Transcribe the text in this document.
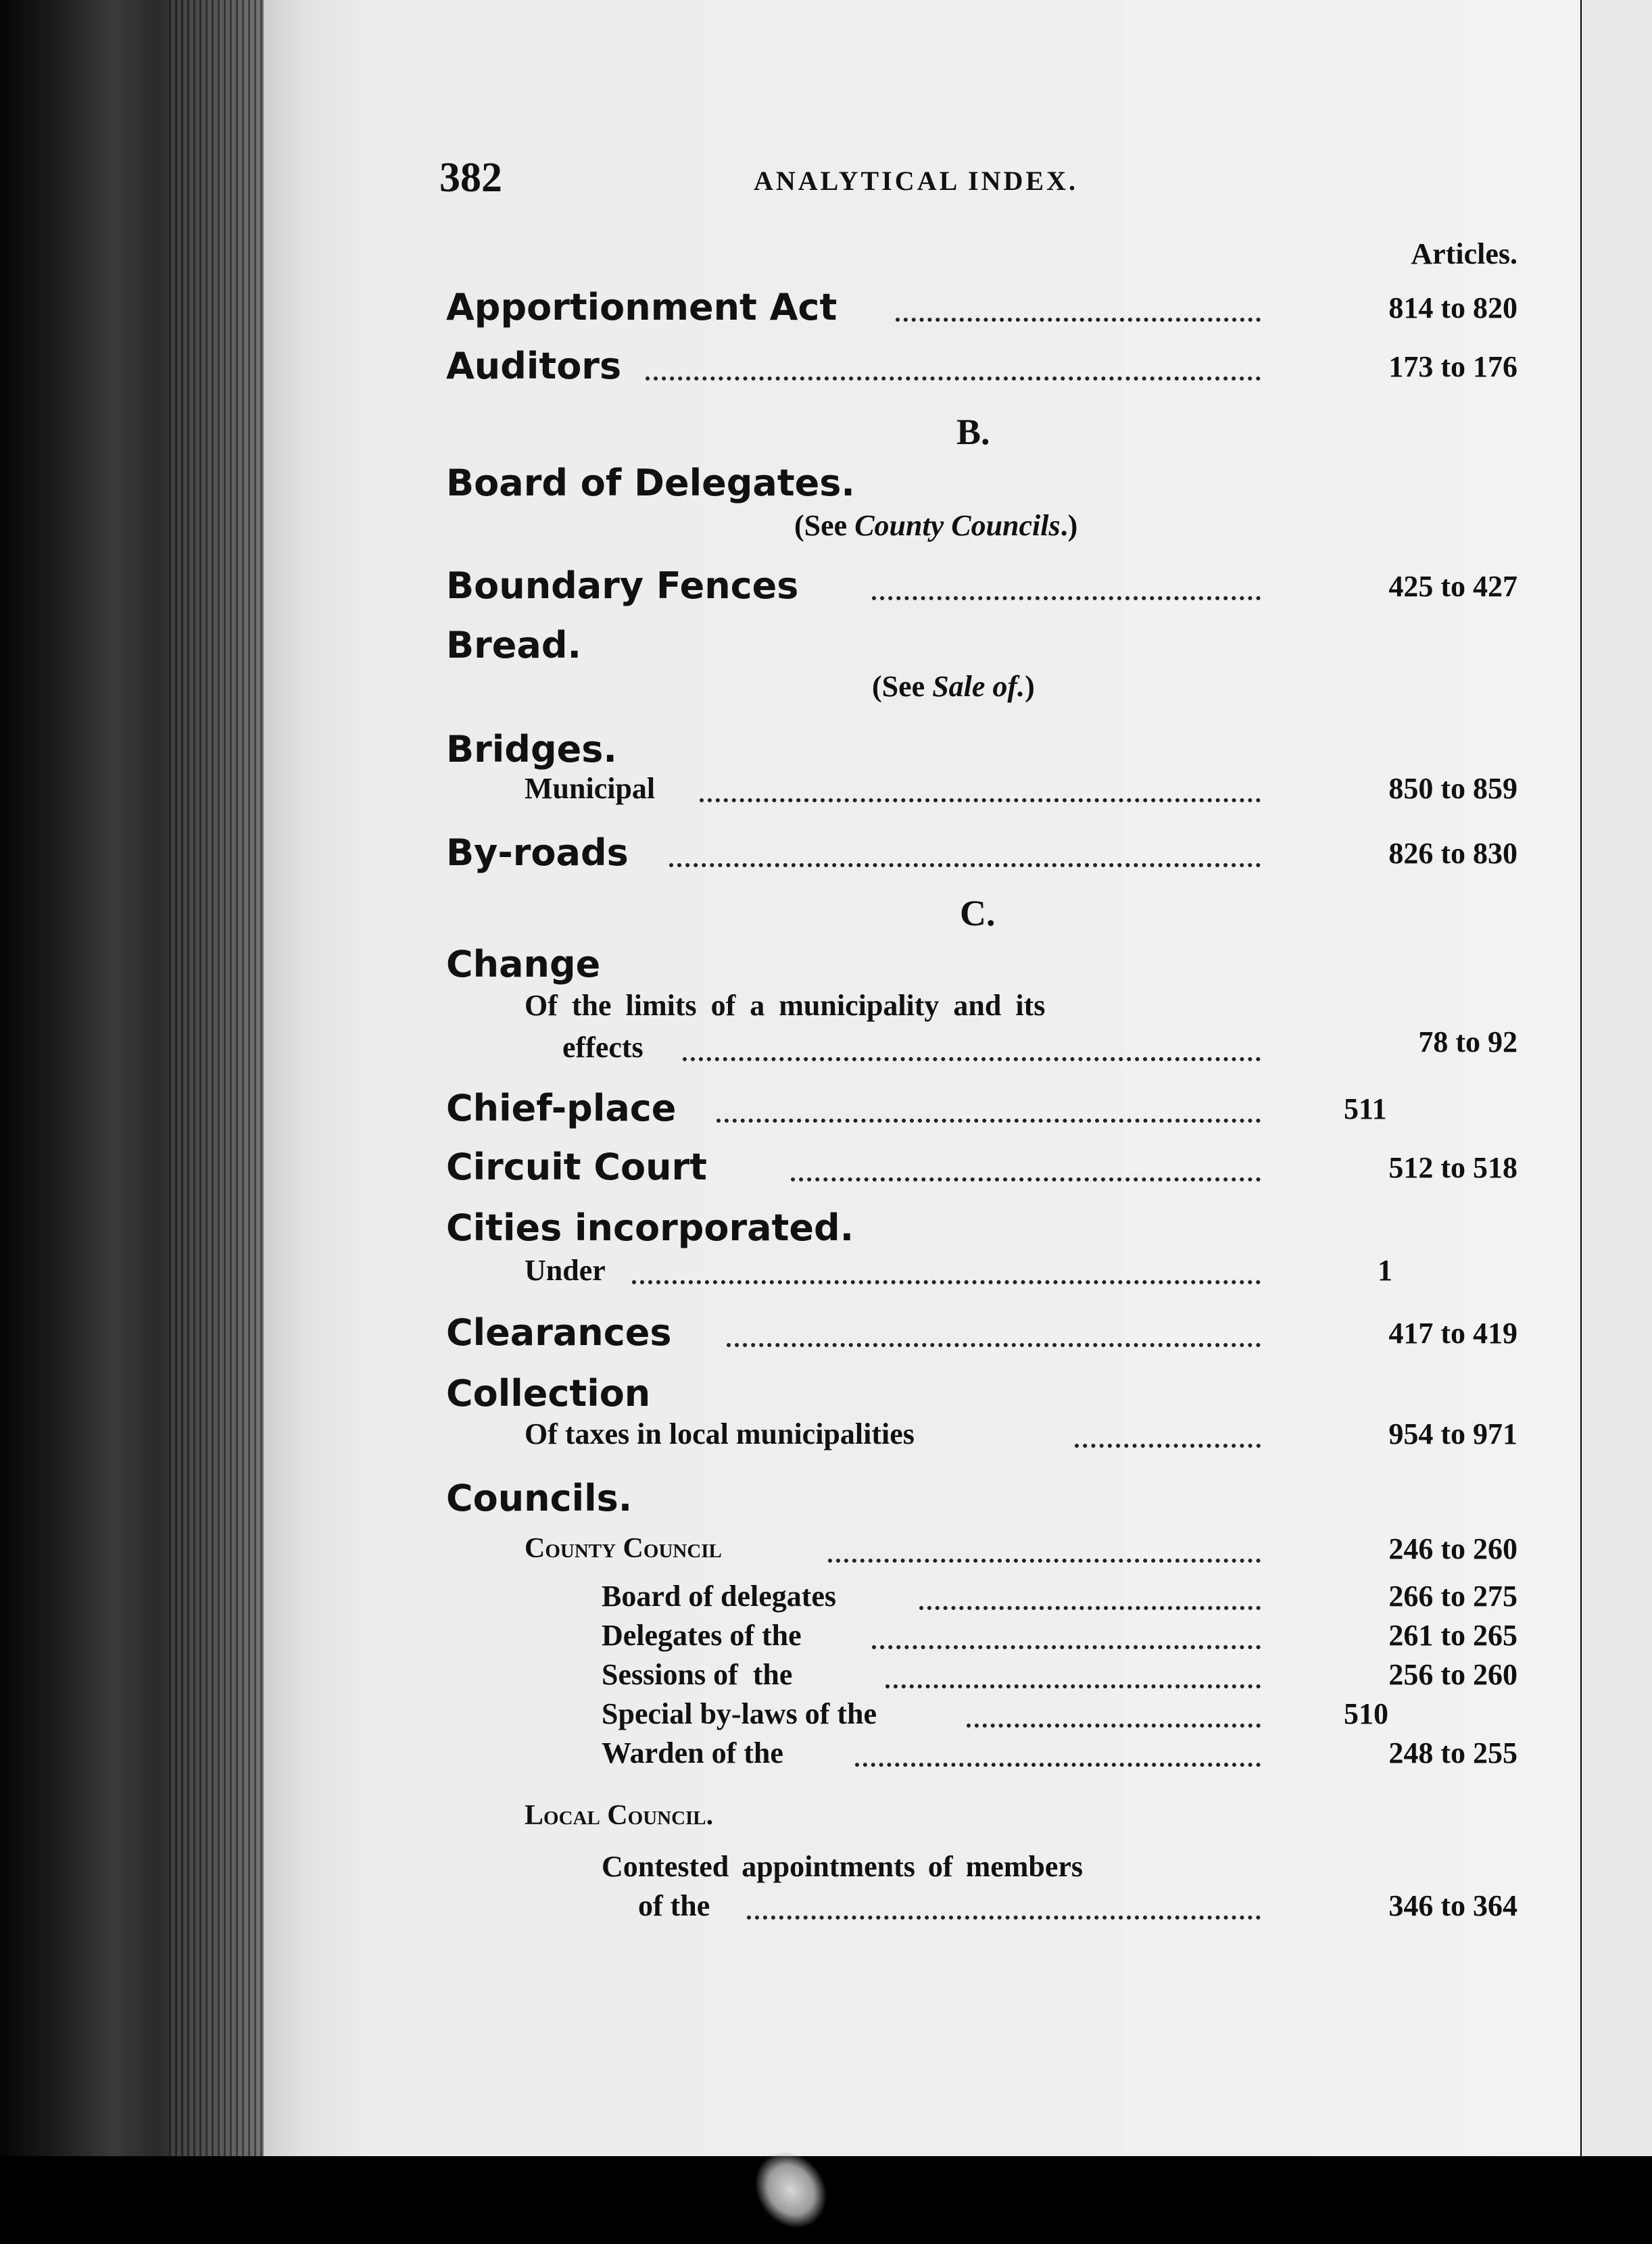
382	ANALYTICAL INDEX.
Articles.
Apportionment Act	814 to 820
Auditors	173 to 176
B.
Board of Delegates.
(See County Councils.)
Boundary Fences	425 to 427
Bread.
(See Sale of.)
Bridges.
Municipal	850 to 859
By-roads	826 to 830
C.
Change
Of the limits of a municipality and its
effects	78 to 92
Chief-place	511
Circuit Court	512 to 518
Cities incorporated.
Under	1
Clearances	417 to 419
Collection
Of taxes in local municipalities	954 to 971
Councils.
County Council	246 to 260
Board of delegates	266 to 275
Delegates of the	261 to 265
Sessions of  the	256 to 260
Special by-laws of the	510
Warden of the	248 to 255
Local Council.
Contested appointments of members
of the	346 to 364
